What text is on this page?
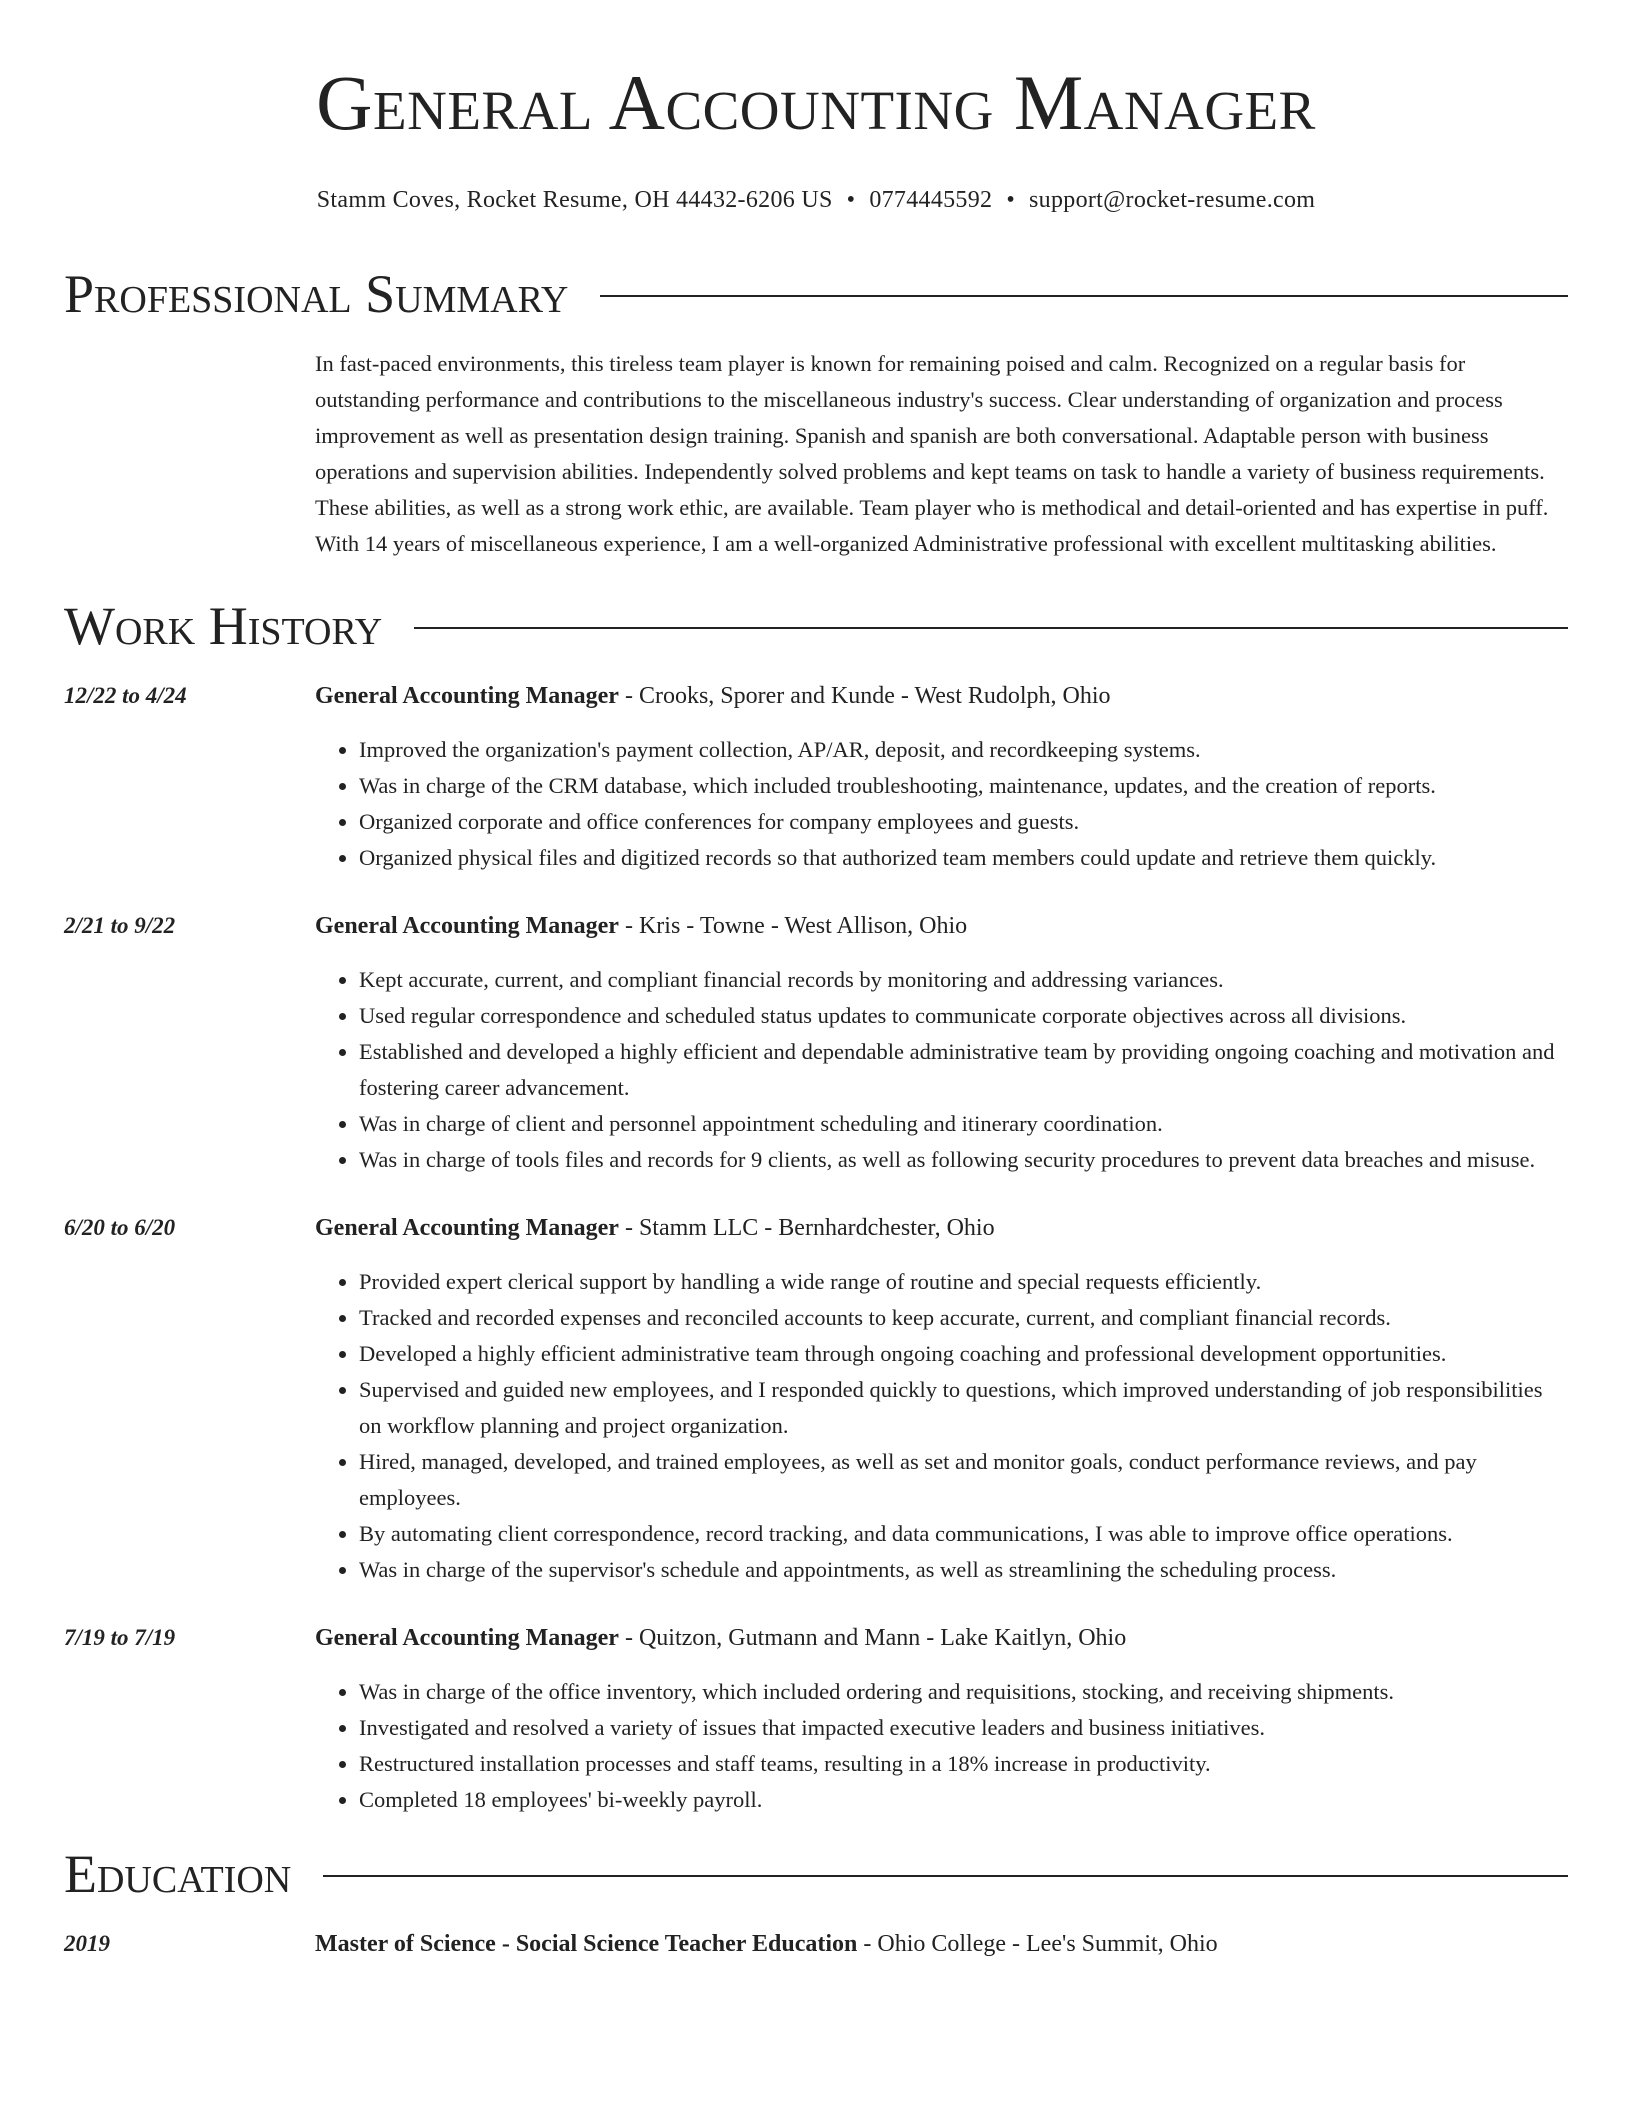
General Accounting Manager
Stamm Coves, Rocket Resume, OH 44432-6206 US • 0774445592 • support@rocket-resume.com
Professional Summary
In fast-paced environments, this tireless team player is known for remaining poised and calm. Recognized on a regular basis for outstanding performance and contributions to the miscellaneous industry's success. Clear understanding of organization and process improvement as well as presentation design training. Spanish and spanish are both conversational. Adaptable person with business operations and supervision abilities. Independently solved problems and kept teams on task to handle a variety of business requirements. These abilities, as well as a strong work ethic, are available. Team player who is methodical and detail-oriented and has expertise in puff. With 14 years of miscellaneous experience, I am a well-organized Administrative professional with excellent multitasking abilities.
Work History
12/22 to 4/24	General Accounting Manager - Crooks, Sporer and Kunde - West Rudolph, Ohio
• Improved the organization's payment collection, AP/AR, deposit, and recordkeeping systems.
• Was in charge of the CRM database, which included troubleshooting, maintenance, updates, and the creation of reports.
• Organized corporate and office conferences for company employees and guests.
• Organized physical files and digitized records so that authorized team members could update and retrieve them quickly.
2/21 to 9/22	General Accounting Manager - Kris - Towne - West Allison, Ohio
• Kept accurate, current, and compliant financial records by monitoring and addressing variances.
• Used regular correspondence and scheduled status updates to communicate corporate objectives across all divisions.
• Established and developed a highly efficient and dependable administrative team by providing ongoing coaching and motivation and fostering career advancement.
• Was in charge of client and personnel appointment scheduling and itinerary coordination.
• Was in charge of tools files and records for 9 clients, as well as following security procedures to prevent data breaches and misuse.
6/20 to 6/20	General Accounting Manager - Stamm LLC - Bernhardchester, Ohio
• Provided expert clerical support by handling a wide range of routine and special requests efficiently.
• Tracked and recorded expenses and reconciled accounts to keep accurate, current, and compliant financial records.
• Developed a highly efficient administrative team through ongoing coaching and professional development opportunities.
• Supervised and guided new employees, and I responded quickly to questions, which improved understanding of job responsibilities on workflow planning and project organization.
• Hired, managed, developed, and trained employees, as well as set and monitor goals, conduct performance reviews, and pay employees.
• By automating client correspondence, record tracking, and data communications, I was able to improve office operations.
• Was in charge of the supervisor's schedule and appointments, as well as streamlining the scheduling process.
7/19 to 7/19	General Accounting Manager - Quitzon, Gutmann and Mann - Lake Kaitlyn, Ohio
• Was in charge of the office inventory, which included ordering and requisitions, stocking, and receiving shipments.
• Investigated and resolved a variety of issues that impacted executive leaders and business initiatives.
• Restructured installation processes and staff teams, resulting in a 18% increase in productivity.
• Completed 18 employees' bi-weekly payroll.
Education
2019	Master of Science - Social Science Teacher Education - Ohio College - Lee's Summit, Ohio
